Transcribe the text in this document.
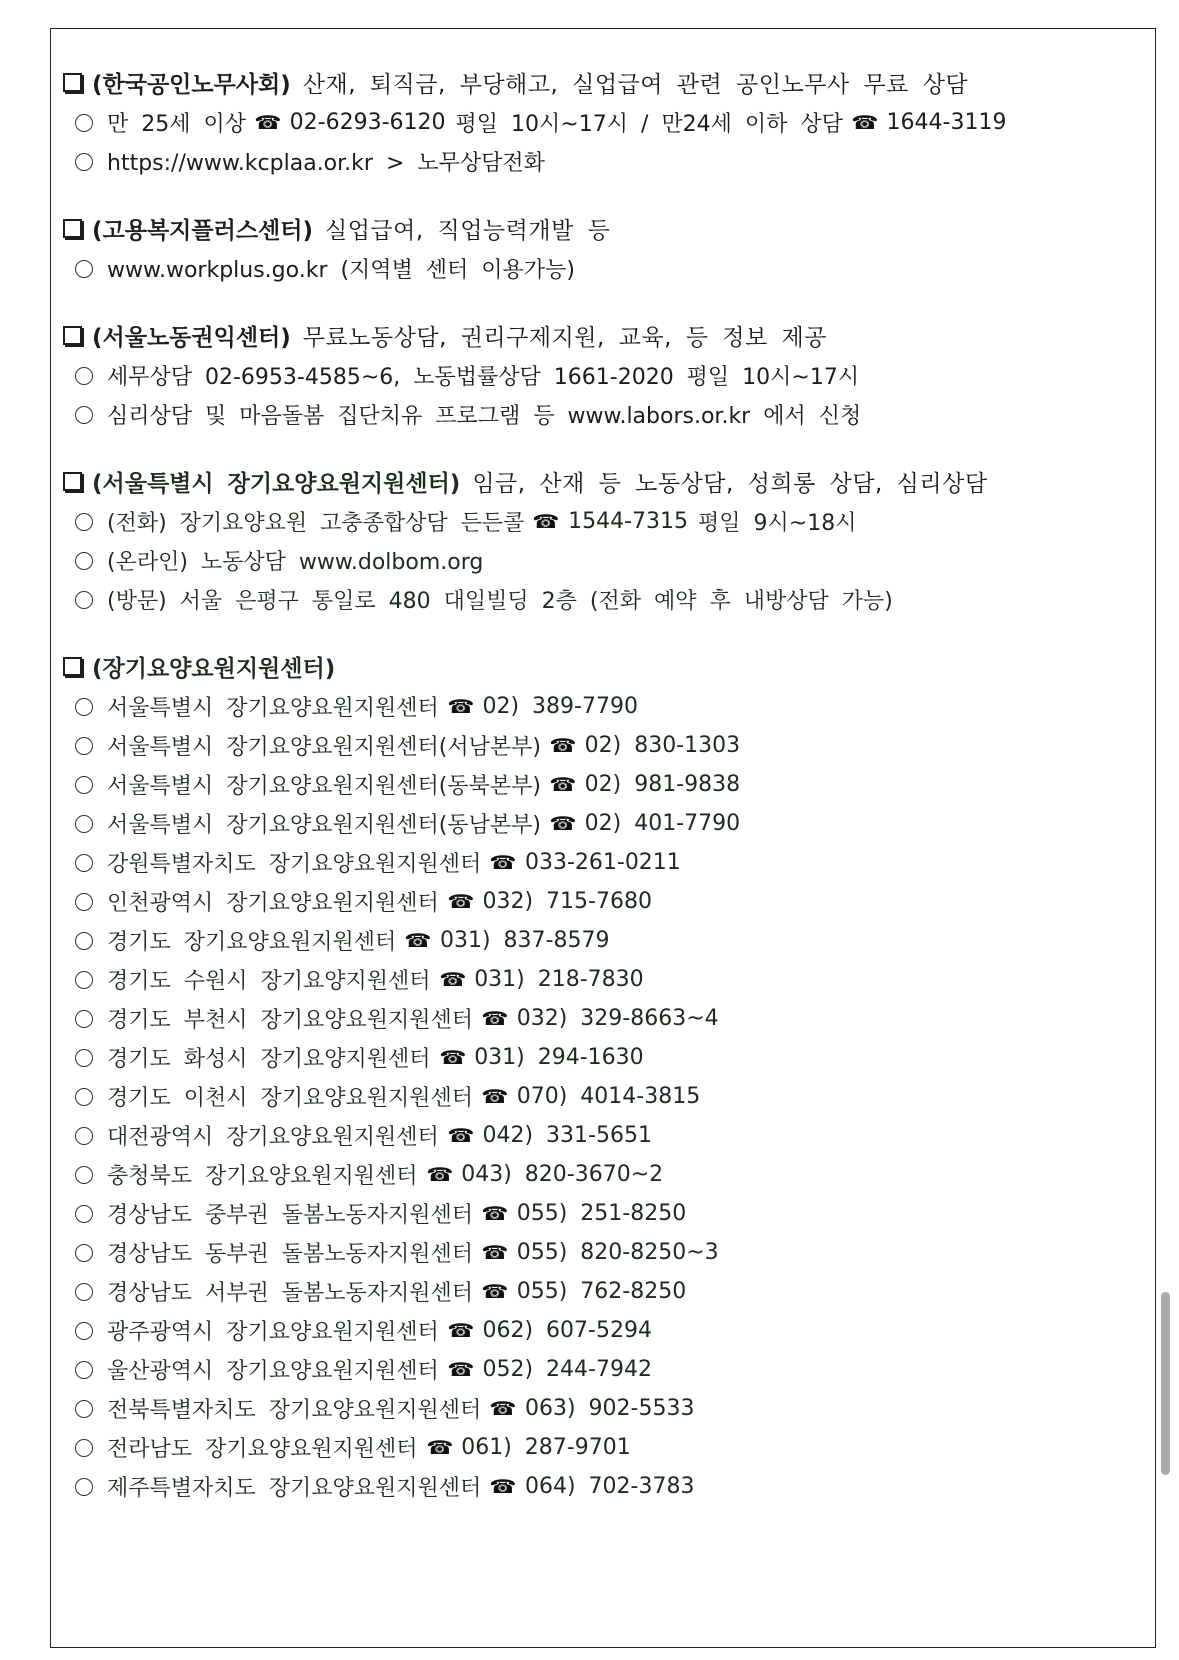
(한국공인노무사회) 산재, 퇴직금, 부당해고, 실업급여 관련 공인노무사 무료 상담
만 25세 이상 ☎ 02-6293-6120 평일 10시~17시 / 만24세 이하 상담 ☎ 1644-3119
https://www.kcplaa.or.kr > 노무상담전화
(고용복지플러스센터) 실업급여, 직업능력개발 등
www.workplus.go.kr (지역별 센터 이용가능)
(서울노동권익센터) 무료노동상담, 권리구제지원, 교육, 등 정보 제공
세무상담 02-6953-4585~6, 노동법률상담 1661-2020 평일 10시~17시
심리상담 및 마음돌봄 집단치유 프로그램 등 www.labors.or.kr 에서 신청
(서울특별시 장기요양요원지원센터) 임금, 산재 등 노동상담, 성희롱 상담, 심리상담
(전화) 장기요양요원 고충종합상담 든든콜 ☎ 1544-7315 평일 9시~18시
(온라인) 노동상담 www.dolbom.org
(방문) 서울 은평구 통일로 480 대일빌딩 2층 (전화 예약 후 내방상담 가능)
(장기요양요원지원센터)
서울특별시 장기요양요원지원센터 ☎ 02) 389-7790
서울특별시 장기요양요원지원센터(서남본부) ☎ 02) 830-1303
서울특별시 장기요양요원지원센터(동북본부) ☎ 02) 981-9838
서울특별시 장기요양요원지원센터(동남본부) ☎ 02) 401-7790
강원특별자치도 장기요양요원지원센터 ☎ 033-261-0211
인천광역시 장기요양요원지원센터 ☎ 032) 715-7680
경기도 장기요양요원지원센터 ☎ 031) 837-8579
경기도 수원시 장기요양지원센터 ☎ 031) 218-7830
경기도 부천시 장기요양요원지원센터 ☎ 032) 329-8663~4
경기도 화성시 장기요양지원센터 ☎ 031) 294-1630
경기도 이천시 장기요양요원지원센터 ☎ 070) 4014-3815
대전광역시 장기요양요원지원센터 ☎ 042) 331-5651
충청북도 장기요양요원지원센터 ☎ 043) 820-3670~2
경상남도 중부권 돌봄노동자지원센터 ☎ 055) 251-8250
경상남도 동부권 돌봄노동자지원센터 ☎ 055) 820-8250~3
경상남도 서부권 돌봄노동자지원센터 ☎ 055) 762-8250
광주광역시 장기요양요원지원센터 ☎ 062) 607-5294
울산광역시 장기요양요원지원센터 ☎ 052) 244-7942
전북특별자치도 장기요양요원지원센터 ☎ 063) 902-5533
전라남도 장기요양요원지원센터 ☎ 061) 287-9701
제주특별자치도 장기요양요원지원센터 ☎ 064) 702-3783
